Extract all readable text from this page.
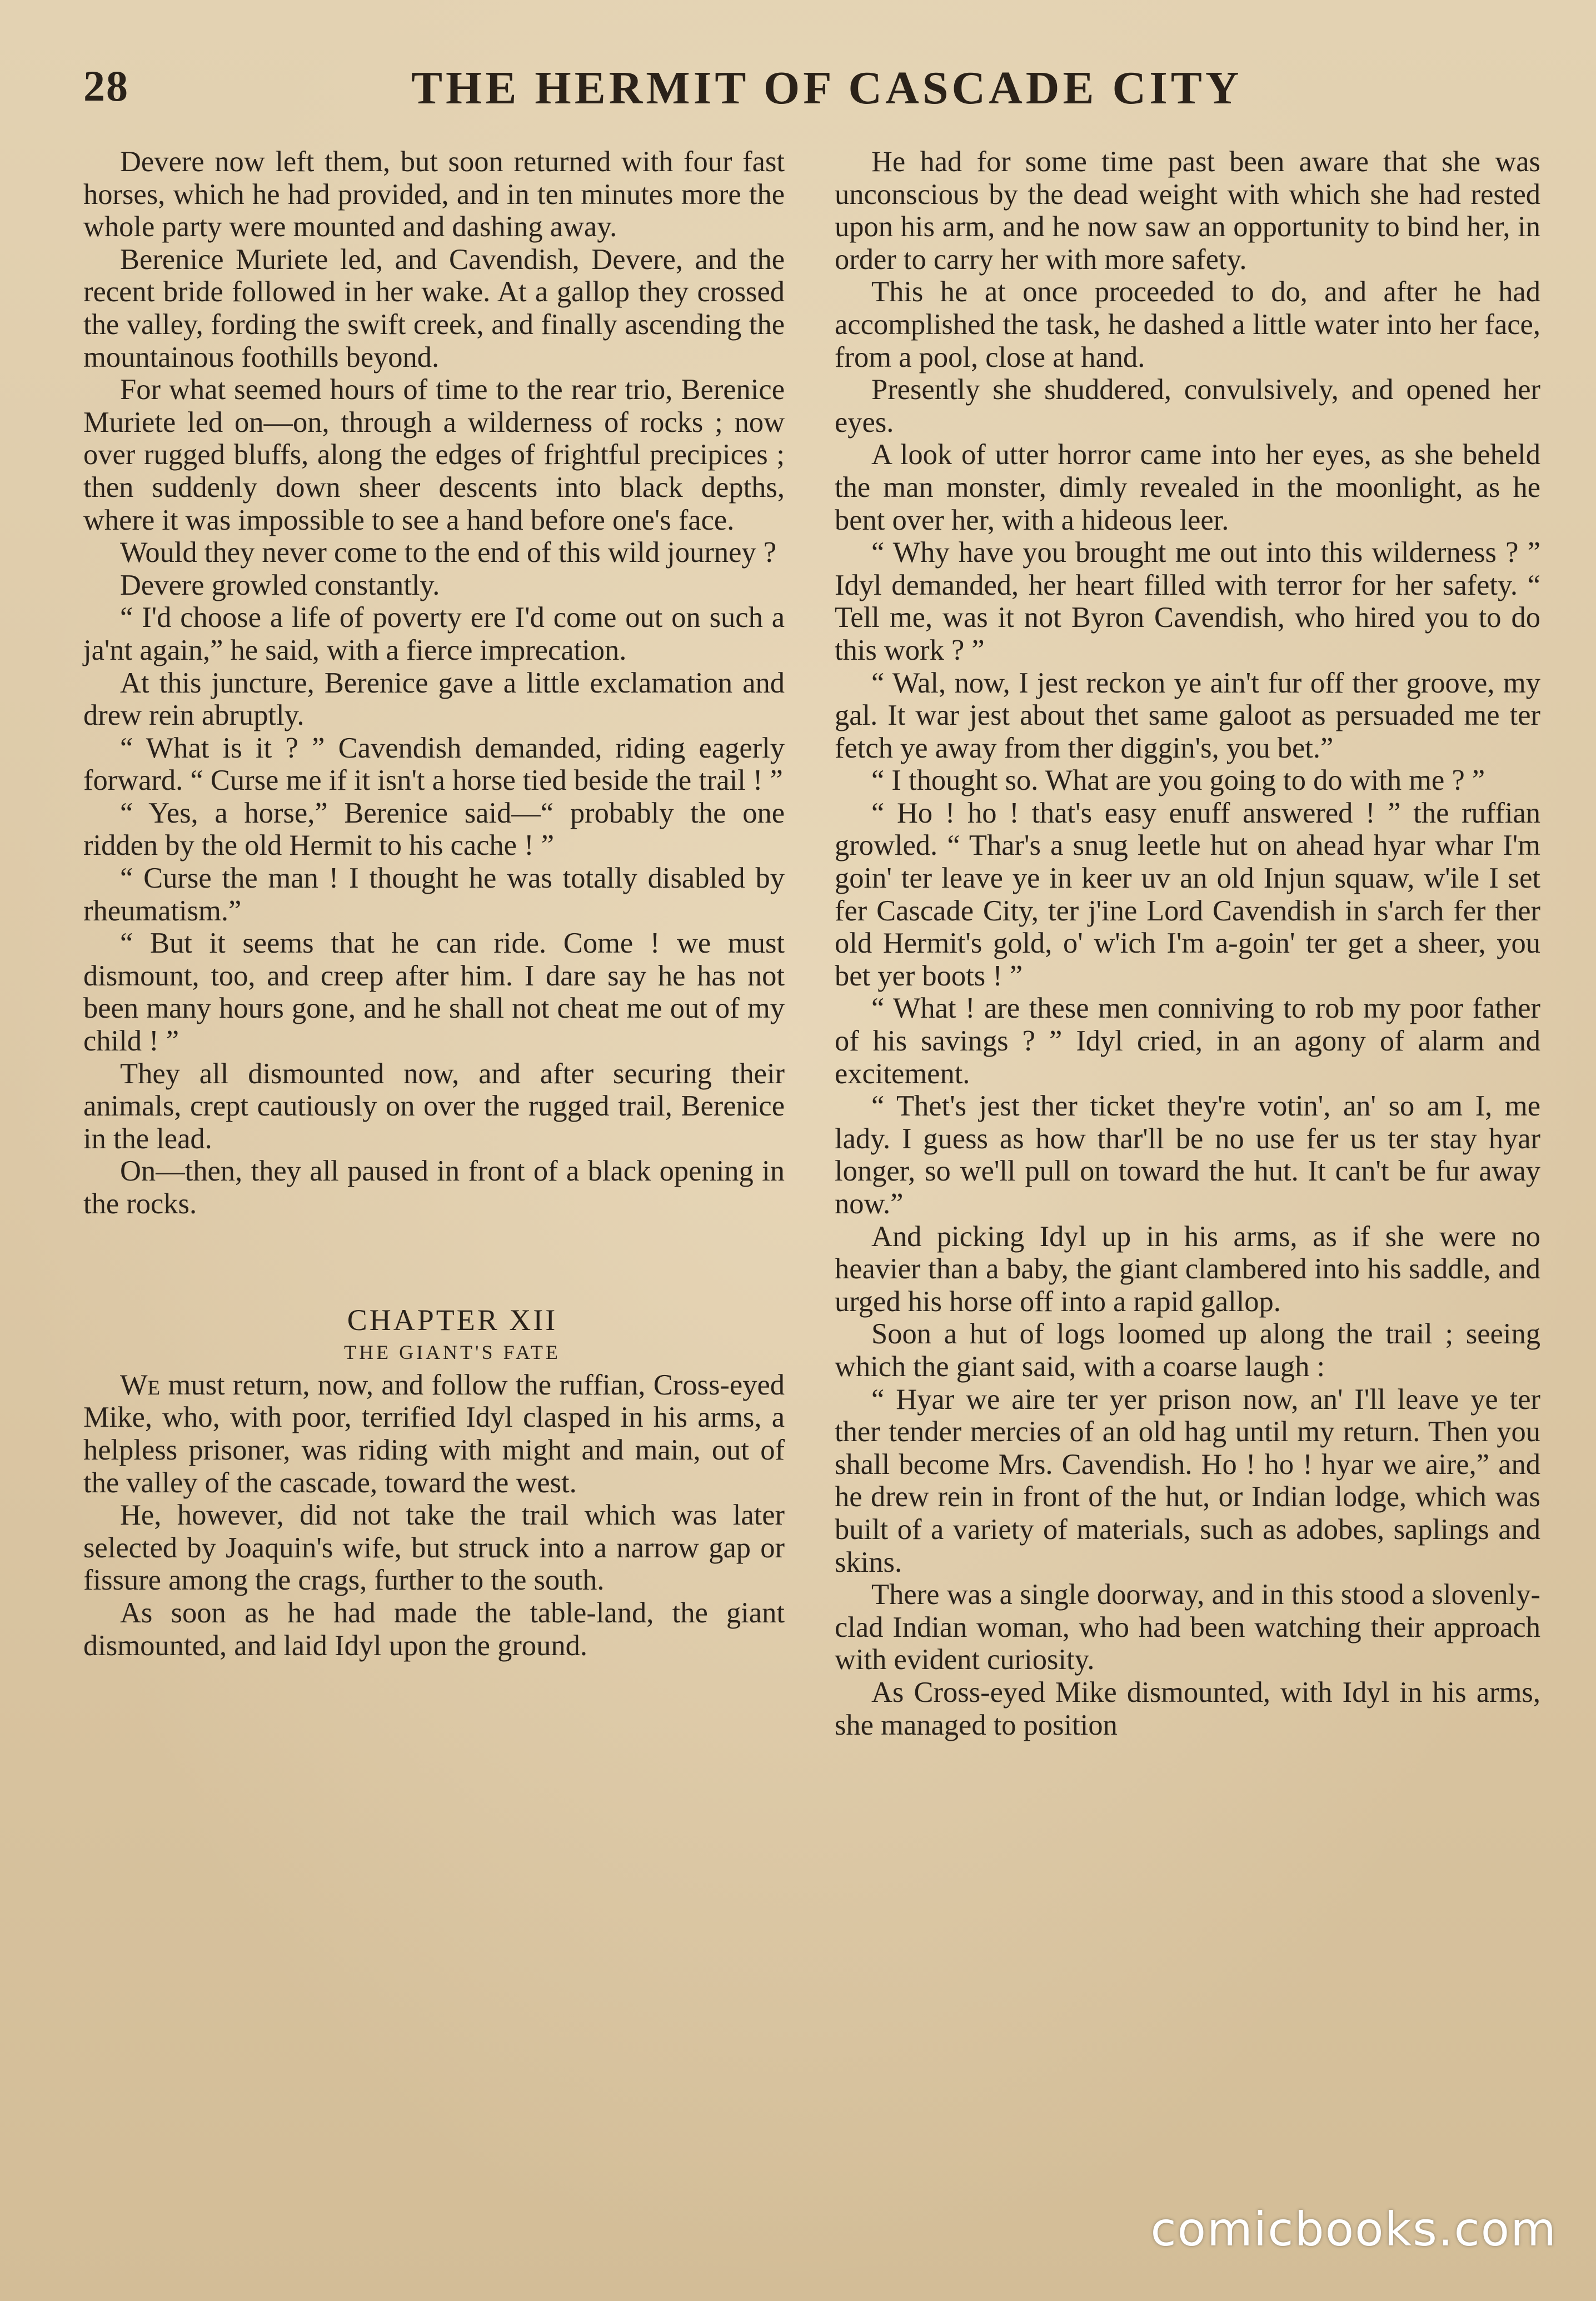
28	THE HERMIT OF CASCADE CITY

Devere now left them, but soon returned with four fast horses, which he had provided, and in ten minutes more the whole party were mounted and dashing away.

Berenice Muriete led, and Cavendish, Devere, and the recent bride followed in her wake. At a gallop they crossed the valley, fording the swift creek, and finally ascending the mountainous foothills beyond.

For what seemed hours of time to the rear trio, Berenice Muriete led on—on, through a wilderness of rocks ; now over rugged bluffs, along the edges of frightful precipices ; then suddenly down sheer descents into black depths, where it was impossible to see a hand before one's face.

Would they never come to the end of this wild journey ?

Devere growled constantly.

“ I'd choose a life of poverty ere I'd come out on such a ja'nt again,” he said, with a fierce imprecation.

At this juncture, Berenice gave a little exclamation and drew rein abruptly.

“ What is it ? ” Cavendish demanded, riding eagerly forward. “ Curse me if it isn't a horse tied beside the trail ! ”

“ Yes, a horse,” Berenice said—“ probably the one ridden by the old Hermit to his cache ! ”

“ Curse the man ! I thought he was totally disabled by rheumatism.”

“ But it seems that he can ride. Come ! we must dismount, too, and creep after him. I dare say he has not been many hours gone, and he shall not cheat me out of my child ! ”

They all dismounted now, and after securing their animals, crept cautiously on over the rugged trail, Berenice in the lead.

On—then, they all paused in front of a black opening in the rocks.

CHAPTER XII

THE GIANT'S FATE

We must return, now, and follow the ruffian, Cross-eyed Mike, who, with poor, terrified Idyl clasped in his arms, a helpless prisoner, was riding with might and main, out of the valley of the cascade, toward the west.

He, however, did not take the trail which was later selected by Joaquin's wife, but struck into a narrow gap or fissure among the crags, further to the south.

As soon as he had made the table-land, the giant dismounted, and laid Idyl upon the ground.

He had for some time past been aware that she was unconscious by the dead weight with which she had rested upon his arm, and he now saw an opportunity to bind her, in order to carry her with more safety.

This he at once proceeded to do, and after he had accomplished the task, he dashed a little water into her face, from a pool, close at hand.

Presently she shuddered, convulsively, and opened her eyes.

A look of utter horror came into her eyes, as she beheld the man monster, dimly revealed in the moonlight, as he bent over her, with a hideous leer.

“ Why have you brought me out into this wilderness ? ” Idyl demanded, her heart filled with terror for her safety. “ Tell me, was it not Byron Cavendish, who hired you to do this work ? ”

“ Wal, now, I jest reckon ye ain't fur off ther groove, my gal. It war jest about thet same galoot as persuaded me ter fetch ye away from ther diggin's, you bet.”

“ I thought so. What are you going to do with me ? ”

“ Ho ! ho ! that's easy enuff answered ! ” the ruffian growled. “ Thar's a snug leetle hut on ahead hyar whar I'm goin' ter leave ye in keer uv an old Injun squaw, w'ile I set fer Cascade City, ter j'ine Lord Cavendish in s'arch fer ther old Hermit's gold, o' w'ich I'm a-goin' ter get a sheer, you bet yer boots ! ”

“ What ! are these men conniving to rob my poor father of his savings ? ” Idyl cried, in an agony of alarm and excitement.

“ Thet's jest ther ticket they're votin', an' so am I, me lady. I guess as how thar'll be no use fer us ter stay hyar longer, so we'll pull on toward the hut. It can't be fur away now.”

And picking Idyl up in his arms, as if she were no heavier than a baby, the giant clambered into his saddle, and urged his horse off into a rapid gallop.

Soon a hut of logs loomed up along the trail ; seeing which the giant said, with a coarse laugh :

“ Hyar we aire ter yer prison now, an' I'll leave ye ter ther tender mercies of an old hag until my return. Then you shall become Mrs. Cavendish. Ho ! ho ! hyar we aire,” and he drew rein in front of the hut, or Indian lodge, which was built of a variety of materials, such as adobes, saplings and skins.

There was a single doorway, and in this stood a slovenly-clad Indian woman, who had been watching their approach with evident curiosity.

As Cross-eyed Mike dismounted, with Idyl in his arms, she managed to position

comicbooks.com
